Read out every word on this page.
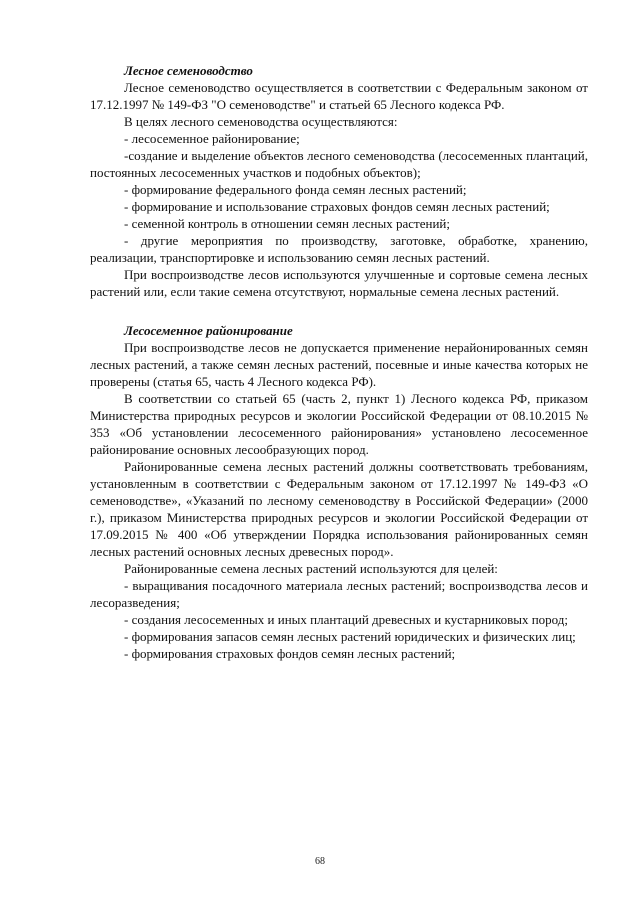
Лесное семеноводство

Лесное семеноводство осуществляется в соответствии с Федеральным законом от 17.12.1997 № 149-ФЗ "О семеноводстве" и статьей 65 Лесного кодекса РФ.

В целях лесного семеноводства осуществляются:

- лесосеменное районирование;

-создание и выделение объектов лесного семеноводства (лесосеменных плантаций, постоянных лесосеменных участков и подобных объектов);

- формирование федерального фонда семян лесных растений;

- формирование и использование страховых фондов семян лесных растений;

- семенной контроль в отношении семян лесных растений;

- другие мероприятия по производству, заготовке, обработке, хранению, реализации, транспортировке и использованию семян лесных растений.

При воспроизводстве лесов используются улучшенные и сортовые семена лесных растений или, если такие семена отсутствуют, нормальные семена лесных растений.

Лесосеменное районирование

При воспроизводстве лесов не допускается применение нерайонированных семян лесных растений, а также семян лесных растений, посевные и иные качества которых не проверены (статья 65, часть 4 Лесного кодекса РФ).

В соответствии со статьей 65 (часть 2, пункт 1) Лесного кодекса РФ, приказом Министерства природных ресурсов и экологии Российской Федерации от 08.10.2015 № 353 «Об установлении лесосеменного районирования» установлено лесосеменное районирование основных лесообразующих пород.

Районированные семена лесных растений должны соответствовать требованиям, установленным в соответствии с Федеральным законом от 17.12.1997 № 149-ФЗ «О семеноводстве», «Указаний по лесному семеноводству в Российской Федерации» (2000 г.), приказом Министерства природных ресурсов и экологии Российской Федерации от 17.09.2015 № 400 «Об утверждении Порядка использования районированных семян лесных растений основных лесных древесных пород».

Районированные семена лесных растений используются для целей:

- выращивания посадочного материала лесных растений; воспроизводства лесов и лесоразведения;

- создания лесосеменных и иных плантаций древесных и кустарниковых пород;

- формирования запасов семян лесных растений юридических и физических лиц;

- формирования страховых фондов семян лесных растений;

68
